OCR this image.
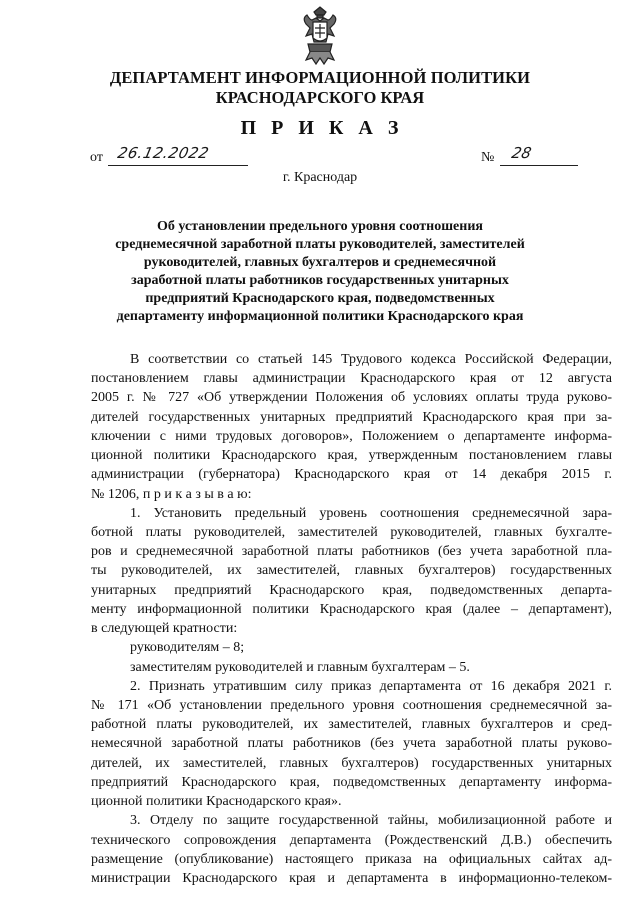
ДЕПАРТАМЕНТ ИНФОРМАЦИОННОЙ ПОЛИТИКИ
КРАСНОДАРСКОГО КРАЯ
П Р И К А З
от 26.12.2022	№ 28
г. Краснодар
Об установлении предельного уровня соотношения
среднемесячной заработной платы руководителей, заместителей
руководителей, главных бухгалтеров и среднемесячной
заработной платы работников государственных унитарных
предприятий Краснодарского края, подведомственных
департаменту информационной политики Краснодарского края
В соответствии со статьей 145 Трудового кодекса Российской Федерации,
постановлением главы администрации Краснодарского края от 12 августа
2005 г. № 727 «Об утверждении Положения об условиях оплаты труда руково-
дителей государственных унитарных предприятий Краснодарского края при за-
ключении с ними трудовых договоров», Положением о департаменте информа-
ционной политики Краснодарского края, утвержденным постановлением главы
администрации (губернатора) Краснодарского края от 14 декабря 2015 г.
№ 1206, п р и к а з ы в а ю:
1. Установить предельный уровень соотношения среднемесячной зара-
ботной платы руководителей, заместителей руководителей, главных бухгалте-
ров и среднемесячной заработной платы работников (без учета заработной пла-
ты руководителей, их заместителей, главных бухгалтеров) государственных
унитарных предприятий Краснодарского края, подведомственных департа-
менту информационной политики Краснодарского края (далее – департамент),
в следующей кратности:
руководителям – 8;
заместителям руководителей и главным бухгалтерам – 5.
2. Признать утратившим силу приказ департамента от 16 декабря 2021 г.
№ 171 «Об установлении предельного уровня соотношения среднемесячной за-
работной платы руководителей, их заместителей, главных бухгалтеров и сред-
немесячной заработной платы работников (без учета заработной платы руково-
дителей, их заместителей, главных бухгалтеров) государственных унитарных
предприятий Краснодарского края, подведомственных департаменту информа-
ционной политики Краснодарского края».
3. Отделу по защите государственной тайны, мобилизационной работе и
технического сопровождения департамента (Рождественский Д.В.) обеспечить
размещение (опубликование) настоящего приказа на официальных сайтах ад-
министрации Краснодарского края и департамента в информационно-телеком-
